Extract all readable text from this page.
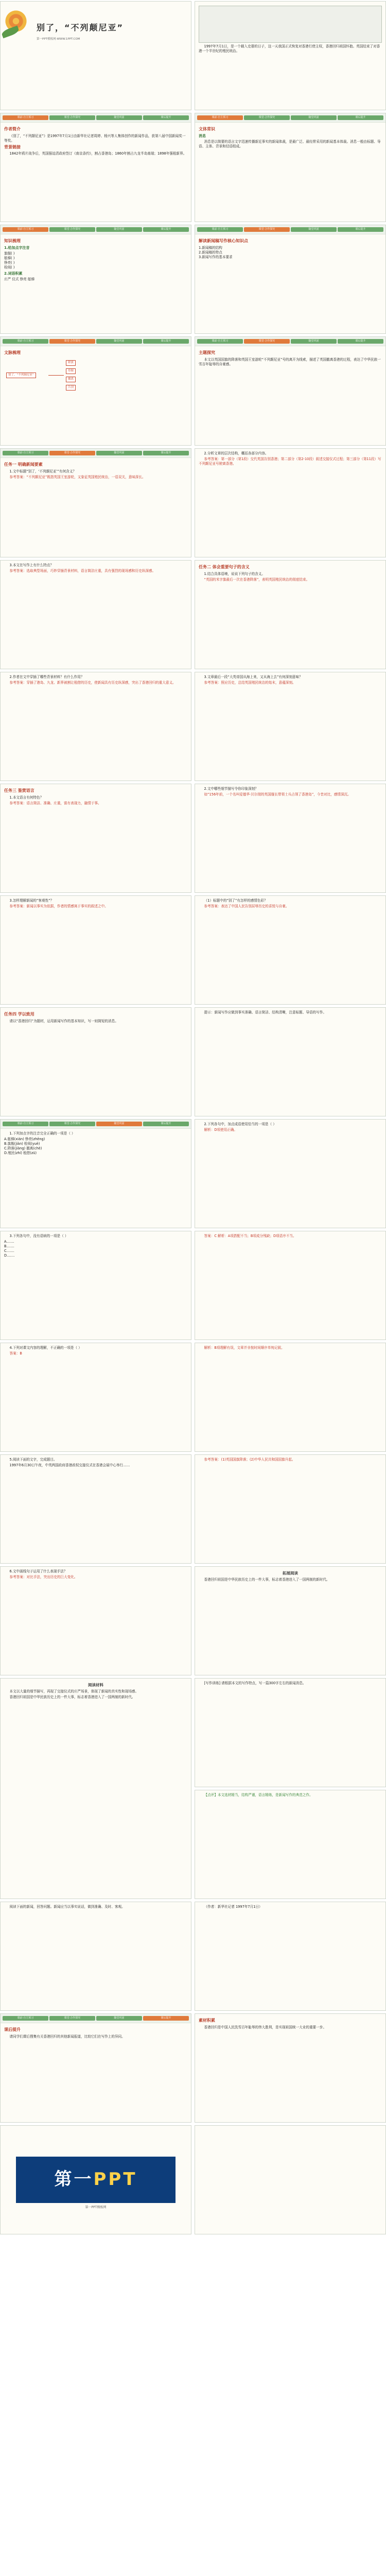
别了，“不列颠尼亚”
第一PPT模板网-WWW.1PPT.COM

1997年7月1日，是一个载入史册的日子，这一天我国正式恢复对香港行使主权，香港回归祖国怀抱。英国结束了对香港一个半世纪的殖民统治。

课前·自主预习	课堂·合作探究	随堂巩固	课后提升
作者简介

《别了，“不列颠尼亚”》是1997年7月1日由新华社记者周婷、杨兴等人集体创作的新闻作品，获第八届中国新闻奖一等奖。

背景链接

1842年鸦片战争后，英国强迫清政府签订《南京条约》，割占香港岛；1860年割占九龙半岛南端；1898年强租新界。

课前·自主预习	课堂·合作探究	随堂巩固	课后提升
文体常识
消息

消息是以简要的语言文字迅速传播新近事实的新闻体裁，是最广泛、最经常采用的新闻基本体裁。消息一般由标题、导语、主体、背景和结语组成。

课前·自主预习	课堂·合作探究	随堂巩固	课后提升
知识梳理
1.给加点字注音
旗舰( )
舷梯( )
铮亮( )
检阅( )
2.词语积累
庄严 仪式 铮亮 舷梯
课前·自主预习	课堂·合作探究	随堂巩固	课后提升
解读新闻稿写作核心知识点
1.新闻稿的结构
2.新闻稿的特点
3.新闻写作的基本要求
课前·自主预习	课堂·合作探究	随堂巩固	课后提升
文脉梳理
别了，“不列颠尼亚”
降旗
登舰
撤离
告别
课前·自主预习	课堂·合作探究	随堂巩固	课后提升
主题探究

本文以英国国旗的降落和英国王室游轮“不列颠尼亚”号的离开为线索，描述了英国撤离香港的过程，表达了中华民族一雪百年耻辱的自豪感。

课前·自主预习	课堂·合作探究	随堂巩固	课后提升
任务一 明确新闻要素

1.文中标题“别了，‘不列颠尼亚’”有何含义？

参考答案：“不列颠尼亚”既指英国王室游轮，又象征英国殖民统治，一语双关，意味深长。

2.分析文章的层次结构，概括各部分内容。

参考答案：第一部分（第1段）交代英国告别香港；第二部分（第2-10段）叙述交接仪式过程；第三部分（第11段）写不列颠尼亚号驶离香港。

3.本文在写作上有什么特点？

参考答案：选取典型场面，巧妙穿插背景材料，语言简洁庄重，具有强烈的现场感和历史纵深感。

任务二 体会重要句子的含义

1.结合具体语境，说说下列句子的含义。

“英国的米字旗最后一次在香港降落”，表明英国殖民统治的彻底结束。

2.作者在文中穿插了哪些背景材料？有什么作用？

参考答案：穿插了港岛、九龙、新界被割让租借的历史，使新闻具有历史纵深感，突出了香港回归的重大意义。

3.文章最后一段“大英帝国从海上来，又从海上去”有何深刻意味？

参考答案：照应历史，总结英国殖民统治的始末，意蕴深刻。

任务三 鉴赏语言

1.本文语言有何特色？

参考答案：语言简洁、准确、庄重，富有表现力，融情于事。

2.文中哪些细节描写令你印象深刻？

如“156年前，一个名叫爱德华·贝尔彻的英国舰长带领士兵占领了香港岛”，今昔对比，感情深沉。

3.怎样理解新闻的“客观性”？

参考答案：新闻以事实为依据，作者的情感寓于事实的叙述之中。

（1）标题中的“别了”有怎样的感情色彩？

参考答案：表达了中国人民告别屈辱历史的喜悦与自豪。

任务四 学以致用

请以“香港回归”为题材，运用新闻写作的基本知识，写一则简短的消息。

提示：新闻写作应做到事实准确、语言简洁、结构清晰，注意标题、导语的写作。

课前·自主预习	课堂·合作探究	随堂巩固	课后提升

1.下列加点字的注音完全正确的一项是（ ）

A.舷梯(xián) 铮亮(zhēng)
B.旗舰(jiàn) 检阅(yuè)
C.降落(jiàng) 撤离(chè)
D.殖民(zhí) 租借(zū)

2.下列各句中，加点成语使用恰当的一项是（ ）

解析：D项使用正确。

3.下列各句中，没有语病的一项是（ ）

A.……
B.……
C.……
D.……

答案：C 解析：A项搭配不当；B项成分残缺；D项语序不当。

4.下列对课文内容的理解，不正确的一项是（ ）

答案：B

解析：B项理解有误，文章并非按时间顺序单纯记叙。

5.阅读下面的文字，完成题目。

1997年6月30日午夜，中英两国政府香港政权交接仪式在香港会展中心举行……

参考答案：(1)英国国旗降落；(2)中华人民共和国国旗升起。

6.文中画线句子运用了什么表现手法？

参考答案：对比手法，突出历史的巨大变化。

拓展阅读

香港回归祖国是中华民族历史上的一件大事，标志着香港进入了一国两制的新时代。

阅读材料

本文以大量的细节描写，再现了交接仪式的庄严场景，体现了新闻的真实性和现场感。

香港回归祖国是中华民族历史上的一件大事，标志着香港进入了一国两制的新时代。

[写作训练] 请根据本文的写作特点，写一篇300字左右的新闻消息。

【点评】本文选材精当，结构严谨，语言精练，是新闻写作的典范之作。

阅读下面的新闻，回答问题。新闻应当以事实说话，做到准确、及时、客观。	（作者：新华社记者 1997年7月1日）

课前·自主预习	课堂·合作探究	随堂巩固	课后提升
课后提升

请同学们课后搜集有关香港回归的其他新闻报道，比较它们在写作上的异同。

素材积累

香港回归是中国人民洗雪百年耻辱的伟大胜利，是实现祖国统一大业的重要一步。

第一 PPT
第一PPT模板网
